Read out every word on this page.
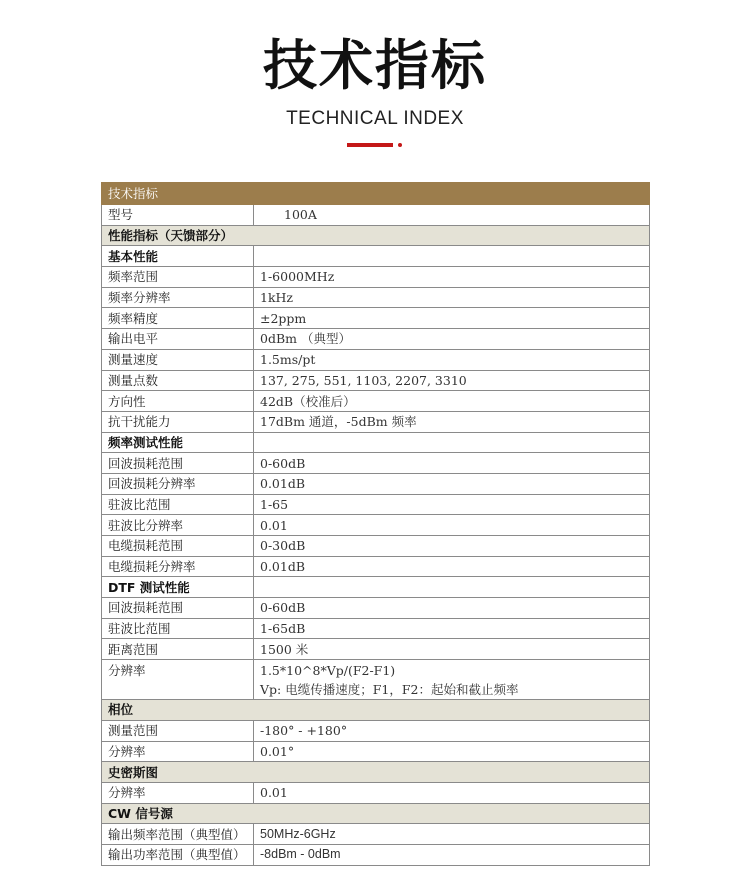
技术指标
TECHNICAL INDEX
技术指标	
型号	100A
性能指标（天馈部分）	
基本性能	
频率范围	1-6000MHz
频率分辨率	1kHz
频率精度	±2ppm
输出电平	0dBm （典型）
测量速度	1.5ms/pt
测量点数	137, 275, 551, 1103, 2207, 3310
方向性	42dB（校准后）
抗干扰能力	17dBm 通道，-5dBm 频率
频率测试性能	
回波损耗范围	0-60dB
回波损耗分辨率	0.01dB
驻波比范围	1-65
驻波比分辨率	0.01
电缆损耗范围	0-30dB
电缆损耗分辨率	0.01dB
DTF 测试性能	
回波损耗范围	0-60dB
驻波比范围	1-65dB
距离范围	1500 米
分辨率	1.5*10^8*Vp/(F2-F1)
Vp: 电缆传播速度；F1，F2：起始和截止频率

相位	
测量范围	-180° - +180°
分辨率	0.01°
史密斯图	
分辨率	0.01
CW 信号源	
输出频率范围（典型值）	50MHz-6GHz
输出功率范围（典型值）	-8dBm - 0dBm
